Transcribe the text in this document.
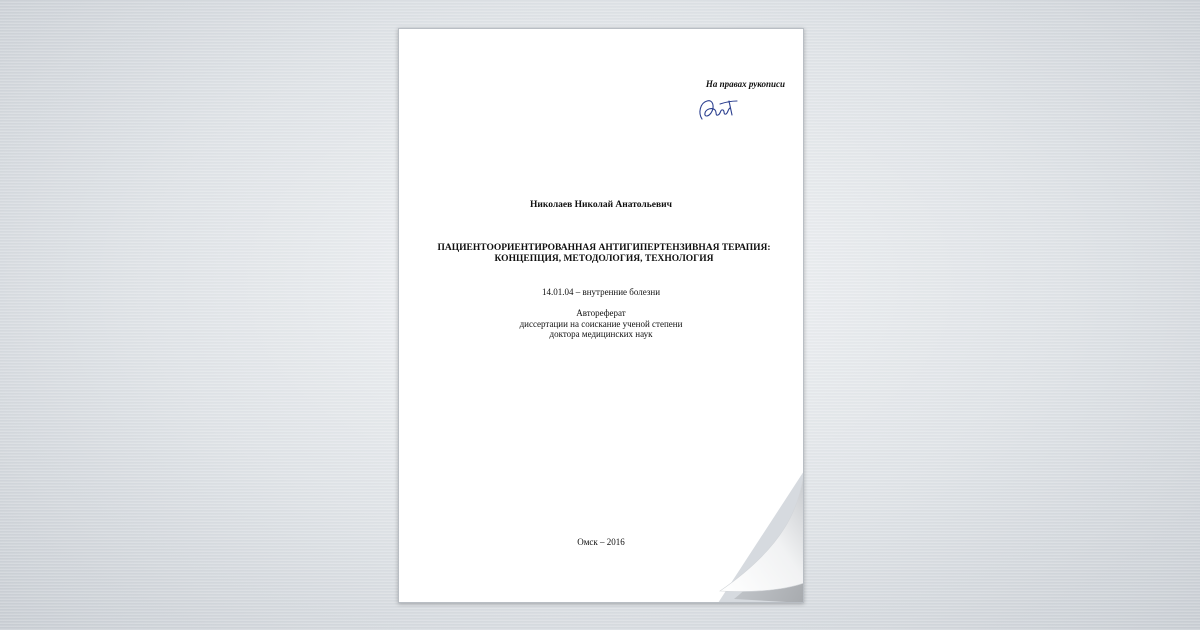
На правах рукописи
Николаев Николай Анатольевич
ПАЦИЕНТООРИЕНТИРОВАННАЯ АНТИГИПЕРТЕНЗИВНАЯ ТЕРАПИЯ:
КОНЦЕПЦИЯ, МЕТОДОЛОГИЯ, ТЕХНОЛОГИЯ
14.01.04 – внутренние болезни
Автореферат
диссертации на соискание ученой степени
доктора медицинских наук
Омск – 2016
